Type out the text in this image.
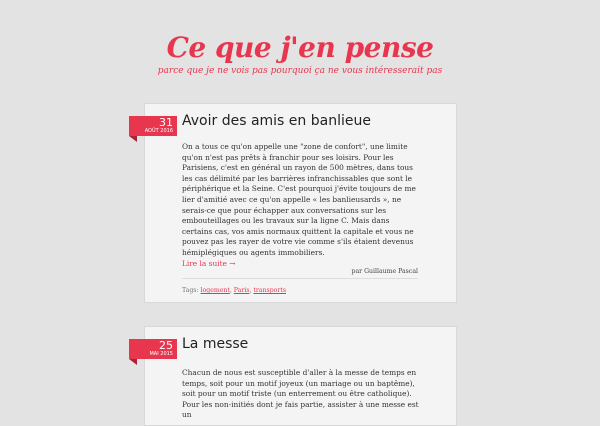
Ce que j'en pense
parce que je ne vois pas pourquoi ça ne vous intéresserait pas
31
AOÛT 2016
Avoir des amis en banlieue
On a tous ce qu'on appelle une "zone de confort", une limite qu'on n'est pas prêts à franchir pour ses loisirs. Pour les Parisiens, c'est en général un rayon de 500 mètres, dans tous les cas délimité par les barrières infranchissables que sont le périphérique et la Seine. C'est pourquoi j'évite toujours de me lier d'amitié avec ce qu'on appelle « les banlieusards », ne serais-ce que pour échapper aux conversations sur les embouteillages ou les travaux sur la ligne C. Mais dans certains cas, vos amis normaux quittent la capitale et vous ne pouvez pas les rayer de votre vie comme s'ils étaient devenus hémiplégiques ou agents immobiliers.
Lire la suite →
par Guillaume Pascal
Tags: logement, Paris, transports
25
MAI 2015
La messe
Chacun de nous est susceptible d'aller à la messe de temps en temps, soit pour un motif joyeux (un mariage ou un baptême), soit pour un motif triste (un enterrement ou être catholique). Pour les non-initiés dont je fais partie, assister à une messe est un
